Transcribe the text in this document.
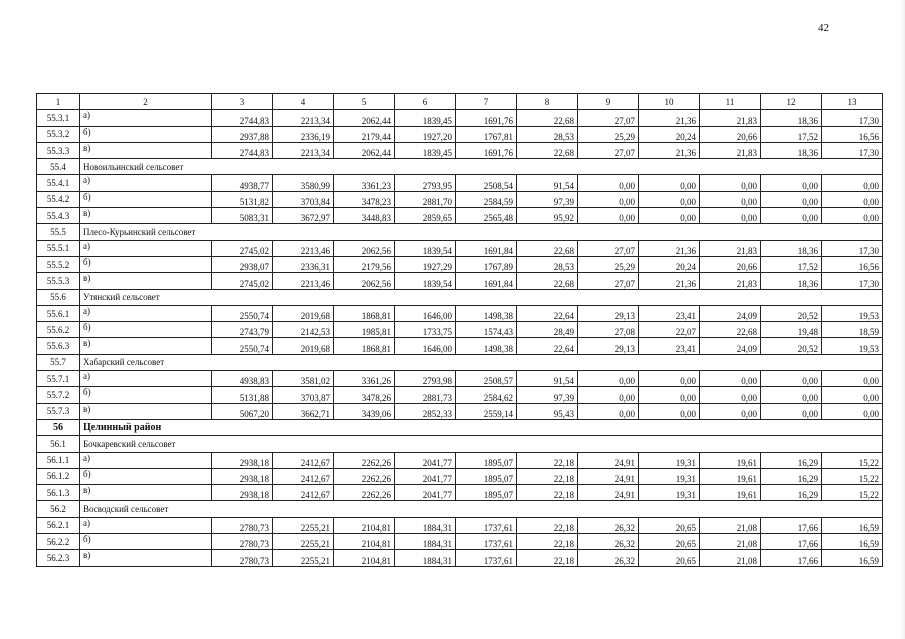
42
1	2	3	4	5	6	7	8	9	10	11	12	13
55.3.1	а)	2744,83	2213,34	2062,44	1839,45	1691,76	22,68	27,07	21,36	21,83	18,36	17,30
55.3.2	б)	2937,88	2336,19	2179,44	1927,20	1767,81	28,53	25,29	20,24	20,66	17,52	16,56
55.3.3	в)	2744,83	2213,34	2062,44	1839,45	1691,76	22,68	27,07	21,36	21,83	18,36	17,30
55.4	Новоильинский сельсовет											
55.4.1	а)	4938,77	3580,99	3361,23	2793,95	2508,54	91,54	0,00	0,00	0,00	0,00	0,00
55.4.2	б)	5131,82	3703,84	3478,23	2881,70	2584,59	97,39	0,00	0,00	0,00	0,00	0,00
55.4.3	в)	5083,31	3672,97	3448,83	2859,65	2565,48	95,92	0,00	0,00	0,00	0,00	0,00
55.5	Плесо-Курьинский сельсовет											
55.5.1	а)	2745,02	2213,46	2062,56	1839,54	1691,84	22,68	27,07	21,36	21,83	18,36	17,30
55.5.2	б)	2938,07	2336,31	2179,56	1927,29	1767,89	28,53	25,29	20,24	20,66	17,52	16,56
55.5.3	в)	2745,02	2213,46	2062,56	1839,54	1691,84	22,68	27,07	21,36	21,83	18,36	17,30
55.6	Утянский сельсовет											
55.6.1	а)	2550,74	2019,68	1868,81	1646,00	1498,38	22,64	29,13	23,41	24,09	20,52	19,53
55.6.2	б)	2743,79	2142,53	1985,81	1733,75	1574,43	28,49	27,08	22,07	22,68	19,48	18,59
55.6.3	в)	2550,74	2019,68	1868,81	1646,00	1498,38	22,64	29,13	23,41	24,09	20,52	19,53
55.7	Хабарский сельсовет											
55.7.1	а)	4938,83	3581,02	3361,26	2793,98	2508,57	91,54	0,00	0,00	0,00	0,00	0,00
55.7.2	б)	5131,88	3703,87	3478,26	2881,73	2584,62	97,39	0,00	0,00	0,00	0,00	0,00
55.7.3	в)	5067,20	3662,71	3439,06	2852,33	2559,14	95,43	0,00	0,00	0,00	0,00	0,00
56	Целинный район											
56.1	Бочкаревский сельсовет											
56.1.1	а)	2938,18	2412,67	2262,26	2041,77	1895,07	22,18	24,91	19,31	19,61	16,29	15,22
56.1.2	б)	2938,18	2412,67	2262,26	2041,77	1895,07	22,18	24,91	19,31	19,61	16,29	15,22
56.1.3	в)	2938,18	2412,67	2262,26	2041,77	1895,07	22,18	24,91	19,31	19,61	16,29	15,22
56.2	Восводский сельсовет											
56.2.1	а)	2780,73	2255,21	2104,81	1884,31	1737,61	22,18	26,32	20,65	21,08	17,66	16,59
56.2.2	б)	2780,73	2255,21	2104,81	1884,31	1737,61	22,18	26,32	20,65	21,08	17,66	16,59
56.2.3	в)	2780,73	2255,21	2104,81	1884,31	1737,61	22,18	26,32	20,65	21,08	17,66	16,59
